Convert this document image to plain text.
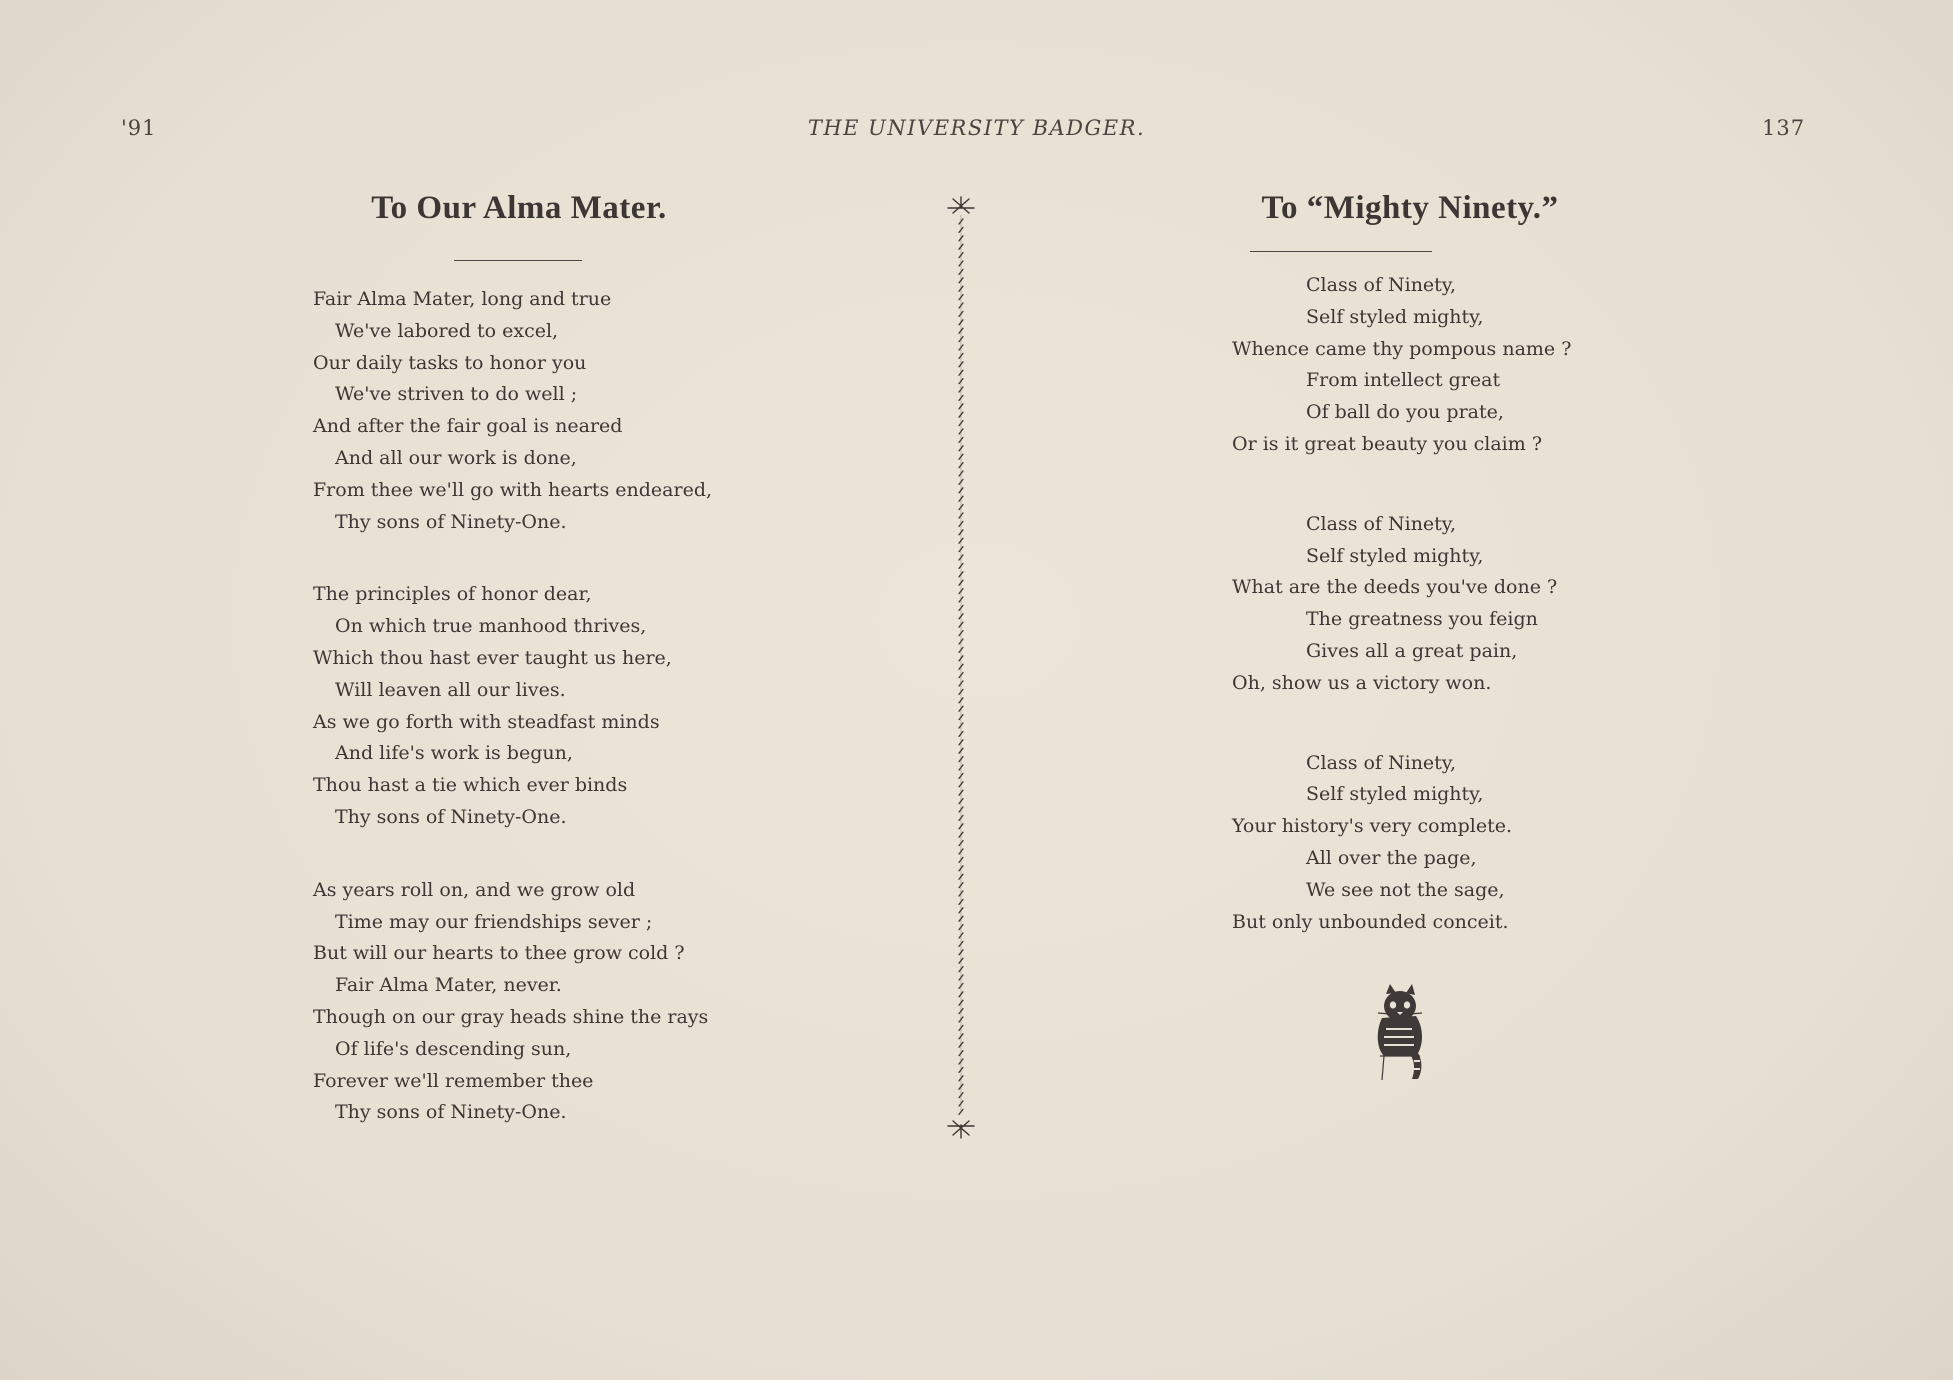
'91	THE UNIVERSITY BADGER.	137
To Our Alma Mater.
Fair Alma Mater, long and true
We've labored to excel,
Our daily tasks to honor you
We've striven to do well ;
And after the fair goal is neared
And all our work is done,
From thee we'll go with hearts endeared,
Thy sons of Ninety-One.
The principles of honor dear,
On which true manhood thrives,
Which thou hast ever taught us here,
Will leaven all our lives.
As we go forth with steadfast minds
And life's work is begun,
Thou hast a tie which ever binds
Thy sons of Ninety-One.
As years roll on, and we grow old
Time may our friendships sever ;
But will our hearts to thee grow cold ?
Fair Alma Mater, never.
Though on our gray heads shine the rays
Of life's descending sun,
Forever we'll remember thee
Thy sons of Ninety-One.
To “Mighty Ninety.”
Class of Ninety,
Self styled mighty,
Whence came thy pompous name ?
From intellect great
Of ball do you prate,
Or is it great beauty you claim ?
Class of Ninety,
Self styled mighty,
What are the deeds you've done ?
The greatness you feign
Gives all a great pain,
Oh, show us a victory won.
Class of Ninety,
Self styled mighty,
Your history's very complete.
All over the page,
We see not the sage,
But only unbounded conceit.
